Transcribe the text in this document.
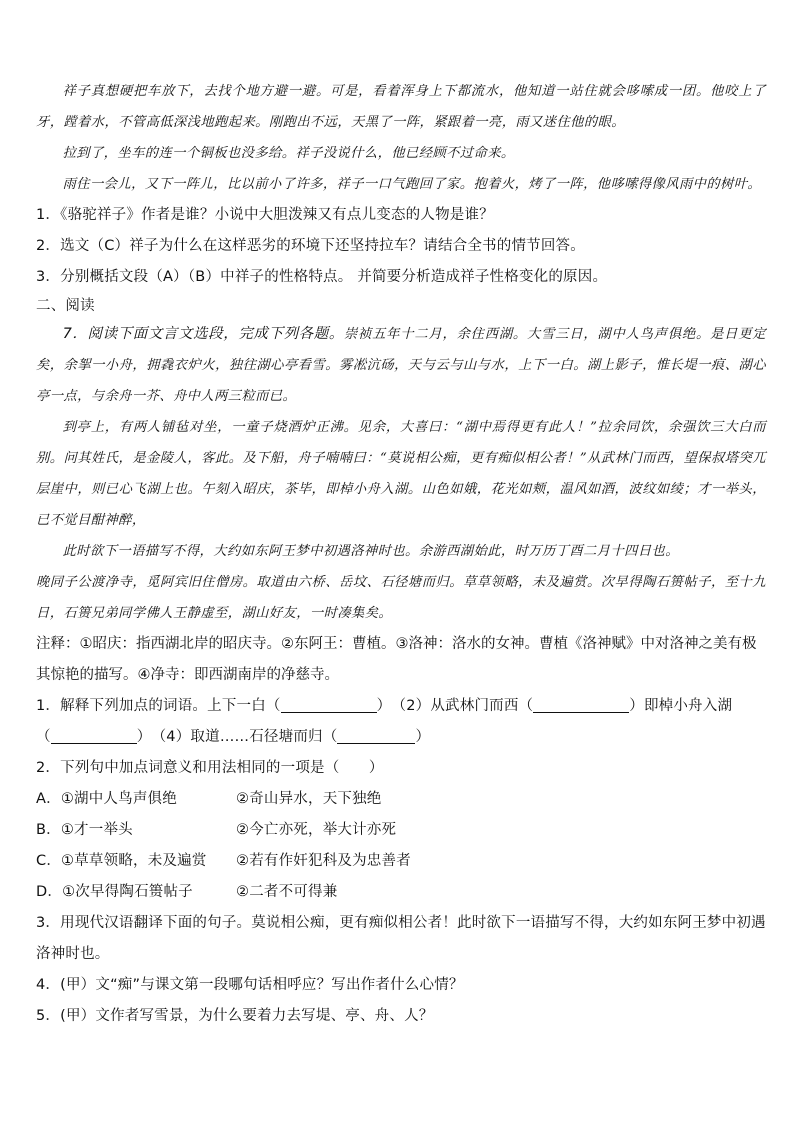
祥子真想硬把车放下，去找个地方避一避。可是，看着浑身上下都流水，他知道一站住就会哆嗦成一团。他咬上了牙，蹚着水，不管高低深浅地跑起来。刚跑出不远，天黑了一阵，紧跟着一亮，雨又迷住他的眼。

拉到了，坐车的连一个铜板也没多给。祥子没说什么，他已经顾不过命来。

雨住一会儿，又下一阵儿，比以前小了许多，祥子一口气跑回了家。抱着火，烤了一阵，他哆嗦得像风雨中的树叶。

1．《骆驼祥子》作者是谁？小说中大胆泼辣又有点儿变态的人物是谁？

2．选文（C）祥子为什么在这样恶劣的环境下还坚持拉车？请结合全书的情节回答。

3．分别概括文段（A）（B）中祥子的性格特点。 并简要分析造成祥子性格变化的原因。

二、阅读

7．阅读下面文言文选段，完成下列各题。崇祯五年十二月，余住西湖。大雪三日，湖中人鸟声俱绝。是日更定矣，余挐一小舟，拥毳衣炉火，独往湖心亭看雪。雾凇沆砀，天与云与山与水，上下一白。湖上影子，惟长堤一痕、湖心亭一点，与余舟一芥、舟中人两三粒而已。

到亭上，有两人铺毡对坐，一童子烧酒炉正沸。见余，大喜曰：“湖中焉得更有此人！”拉余同饮，余强饮三大白而别。问其姓氏，是金陵人，客此。及下船，舟子喃喃曰：“莫说相公痴，更有痴似相公者！”从武林门而西，望保叔塔突兀层崖中，则已心飞湖上也。午刻入昭庆，茶毕，即棹小舟入湖。山色如娥，花光如颊，温风如酒，波纹如绫；才一举头，已不觉目酣神醉，

此时欲下一语描写不得，大约如东阿王梦中初遇洛神时也。余游西湖始此，时万历丁酉二月十四日也。

晚同子公渡净寺，觅阿宾旧住僧房。取道由六桥、岳坟、石径塘而归。草草领略，未及遍赏。次早得陶石篑帖子，至十九日，石篑兄弟同学佛人王静虚至，湖山好友，一时凑集矣。

注释：①昭庆：指西湖北岸的昭庆寺。②东阿王：曹植。③洛神：洛水的女神。曹植《洛神赋》中对洛神之美有极其惊艳的描写。④净寺：即西湖南岸的净慈寺。

1．解释下列加点的词语。上下一白（	）　（2）从武林门而西（	）即棹小舟入湖

（	）　（4）取道……石径塘而归（	）

2．下列句中加点词意义和用法相同的一项是（　　）

A．①湖中人鸟声俱绝	②奇山异水，天下独绝
B．①才一举头	②今亡亦死，举大计亦死
C．①草草领略，未及遍赏	②若有作奸犯科及为忠善者
D．①次早得陶石篑帖子	②二者不可得兼

3．用现代汉语翻译下面的句子。莫说相公痴，更有痴似相公者！此时欲下一语描写不得，大约如东阿王梦中初遇洛神时也。

4．(甲）文“痴”与课文第一段哪句话相呼应？写出作者什么心情？

5．(甲）文作者写雪景，为什么要着力去写堤、亭、舟、人？
